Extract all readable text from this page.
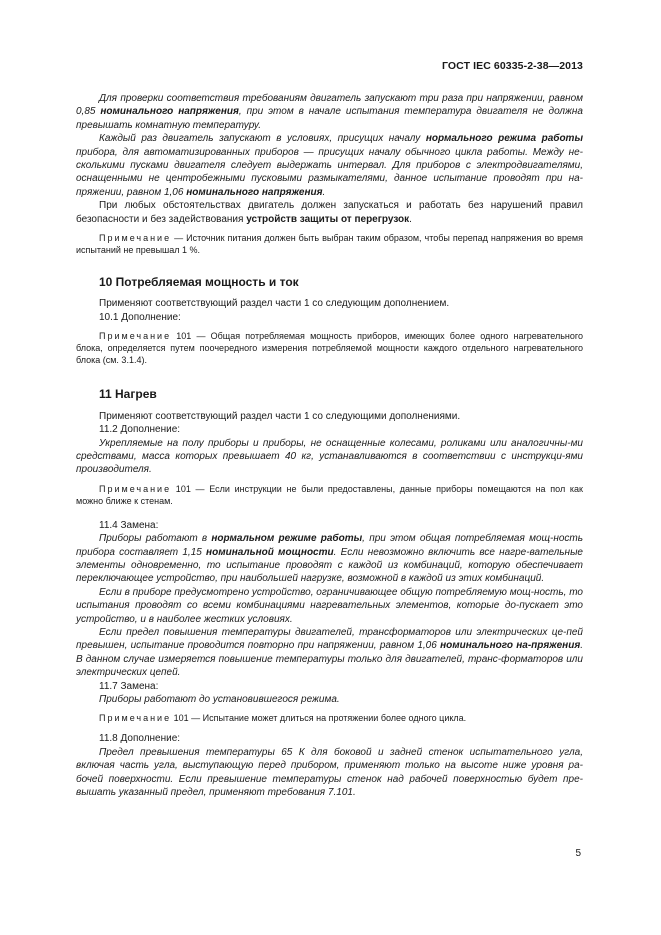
ГОСТ IEC 60335-2-38—2013

Для проверки соответствия требованиям двигатель запускают три раза при напряжении, равном 0,85 номинального напряжения, при этом в начале испытания температура двигателя не должна превышать комнатную температуру.

Каждый раз двигатель запускают в условиях, присущих началу нормального режима работы прибора, для автоматизированных приборов — присущих началу обычного цикла работы. Между не-сколькими пусками двигателя следует выдержать интервал. Для приборов с электродвигателями, оснащенными не центробежными пусковыми размыкателями, данное испытание проводят при на-пряжении, равном 1,06 номинального напряжения.

При любых обстоятельствах двигатель должен запускаться и работать без нарушений правил безопасности и без задействования устройств защиты от перегрузок.

Примечание — Источник питания должен быть выбран таким образом, чтобы перепад напряжения во время испытаний не превышал 1 %.

10 Потребляемая мощность и ток

Применяют соответствующий раздел части 1 со следующим дополнением.

10.1 Дополнение:

Примечание 101 — Общая потребляемая мощность приборов, имеющих более одного нагревательного блока, определяется путем поочередного измерения потребляемой мощности каждого отдельного нагревательного блока (см. 3.1.4).

11 Нагрев

Применяют соответствующий раздел части 1 со следующими дополнениями.

11.2 Дополнение:

Укрепляемые на полу приборы и приборы, не оснащенные колесами, роликами или аналогичны-ми средствами, масса которых превышает 40 кг, устанавливаются в соответствии с инструкци-ями производителя.

Примечание 101 — Если инструкции не были предоставлены, данные приборы помещаются на пол как можно ближе к стенам.

11.4 Замена:

Приборы работают в нормальном режиме работы, при этом общая потребляемая мощ-ность прибора составляет 1,15 номинальной мощности. Если невозможно включить все нагре-вательные элементы одновременно, то испытание проводят с каждой из комбинаций, которую обеспечивает переключающее устройство, при наибольшей нагрузке, возможной в каждой из этих комбинаций.

Если в приборе предусмотрено устройство, ограничивающее общую потребляемую мощ-ность, то испытания проводят со всеми комбинациями нагревательных элементов, которые до-пускает это устройство, и в наиболее жестких условиях.

Если предел повышения температуры двигателей, трансформаторов или электрических це-пей превышен, испытание проводится повторно при напряжении, равном 1,06 номинального на-пряжения. В данном случае измеряется повышение температуры только для двигателей, транс-форматоров или электрических цепей.

11.7 Замена:

Приборы работают до установившегося режима.

Примечание 101 — Испытание может длиться на протяжении более одного цикла.

11.8 Дополнение:

Предел превышения температуры 65 К для боковой и задней стенок испытательного угла, включая часть угла, выступающую перед прибором, применяют только на высоте ниже уровня ра-бочей поверхности. Если превышение температуры стенок над рабочей поверхностью будет пре-вышать указанный предел, применяют требования 7.101.

5
